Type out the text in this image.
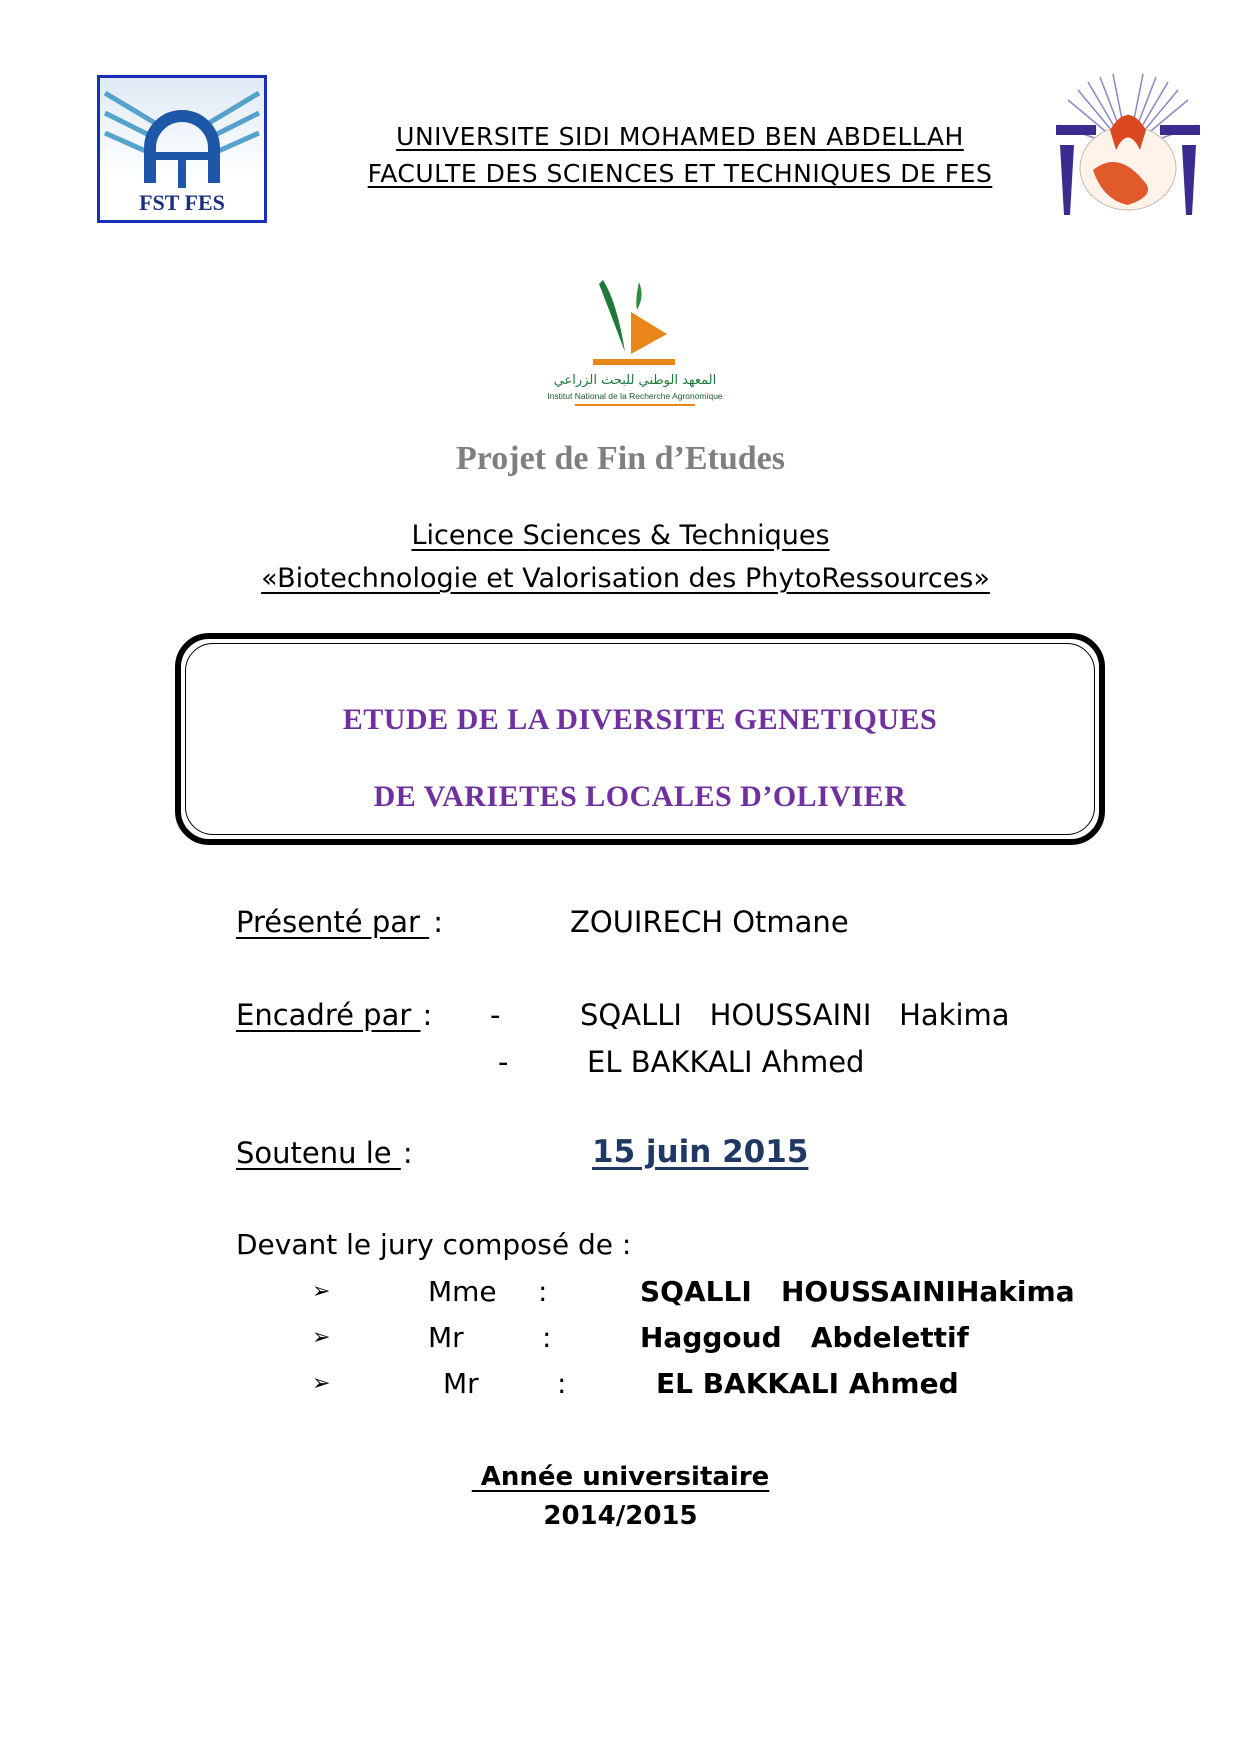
FST FES
UNIVERSITE SIDI MOHAMED BEN ABDELLAH
FACULTE DES SCIENCES ET TECHNIQUES DE FES
المعهد الوطني للبحث الزراعي
Institut National de la Recherche Agronomique
Projet de Fin d’Etudes
Licence Sciences & Techniques
«Biotechnologie et Valorisation des PhytoRessources»
ETUDE DE LA DIVERSITE GENETIQUES
DE VARIETES LOCALES D’OLIVIER
Présenté par :	ZOUIRECH Otmane
Encadré par : -	SQALLI   HOUSSAINI   Hakima
-	EL BAKKALI Ahmed
Soutenu le :	15 juin 2015
Devant le jury composé de :
➢	Mme :	SQALLI   HOUSSAINIHakima
➢	Mr	:	Haggoud   Abdelettif
➢	Mr	:	EL BAKKALI Ahmed
Année universitaire
2014/2015
